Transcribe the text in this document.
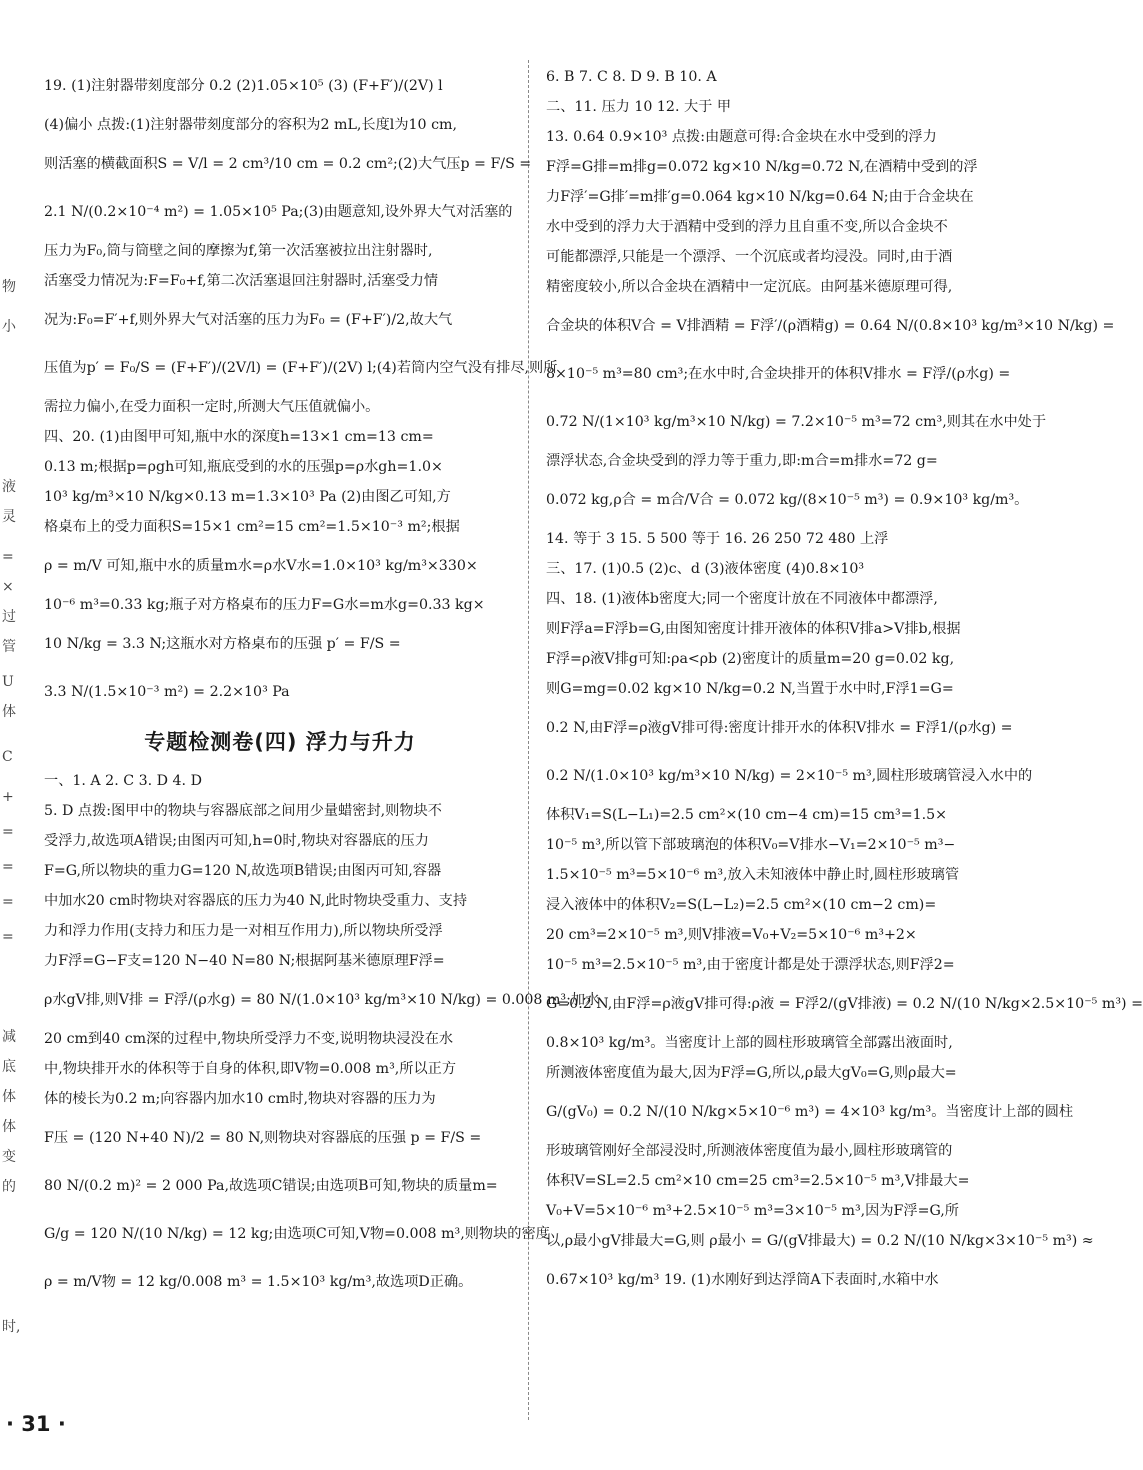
物
小
液
灵
=
×
过
管
U
体
C
+
=
=
=
=
减
底
体
体
变
的
时,

19. (1)注射器带刻度部分 0.2 (2)1.05×10⁵ (3) (F+F′)/(2V) l

(4)偏小 点拨:(1)注射器带刻度部分的容积为2 mL,长度l为10 cm,

则活塞的横截面积S = V/l = 2 cm³/10 cm = 0.2 cm²;(2)大气压p = F/S =

2.1 N/(0.2×10⁻⁴ m²) = 1.05×10⁵ Pa;(3)由题意知,设外界大气对活塞的

压力为F₀,筒与筒壁之间的摩擦为f,第一次活塞被拉出注射器时,

活塞受力情况为:F=F₀+f,第二次活塞退回注射器时,活塞受力情

况为:F₀=F′+f,则外界大气对活塞的压力为F₀ = (F+F′)/2,故大气

压值为p′ = F₀/S = (F+F′)/(2V/l) = (F+F′)/(2V) l;(4)若筒内空气没有排尽,则所

需拉力偏小,在受力面积一定时,所测大气压值就偏小。

四、20. (1)由图甲可知,瓶中水的深度h=13×1 cm=13 cm=

0.13 m;根据p=ρgh可知,瓶底受到的水的压强p=ρ水gh=1.0×

10³ kg/m³×10 N/kg×0.13 m=1.3×10³ Pa (2)由图乙可知,方

格桌布上的受力面积S=15×1 cm²=15 cm²=1.5×10⁻³ m²;根据

ρ = m/V 可知,瓶中水的质量m水=ρ水V水=1.0×10³ kg/m³×330×

10⁻⁶ m³=0.33 kg;瓶子对方格桌布的压力F=G水=m水g=0.33 kg×

10 N/kg = 3.3 N;这瓶水对方格桌布的压强 p′ = F/S =

3.3 N/(1.5×10⁻³ m²) = 2.2×10³ Pa

专题检测卷(四) 浮力与升力

一、1. A 2. C 3. D 4. D

5. D 点拨:图甲中的物块与容器底部之间用少量蜡密封,则物块不

受浮力,故选项A错误;由图丙可知,h=0时,物块对容器底的压力

F=G,所以物块的重力G=120 N,故选项B错误;由图丙可知,容器

中加水20 cm时物块对容器底的压力为40 N,此时物块受重力、支持

力和浮力作用(支持力和压力是一对相互作用力),所以物块所受浮

力F浮=G−F支=120 N−40 N=80 N;根据阿基米德原理F浮=

ρ水gV排,则V排 = F浮/(ρ水g) = 80 N/(1.0×10³ kg/m³×10 N/kg) = 0.008 m³;加水

20 cm到40 cm深的过程中,物块所受浮力不变,说明物块浸没在水

中,物块排开水的体积等于自身的体积,即V物=0.008 m³,所以正方

体的棱长为0.2 m;向容器内加水10 cm时,物块对容器的压力为

F压 = (120 N+40 N)/2 = 80 N,则物块对容器底的压强 p = F/S =

80 N/(0.2 m)² = 2 000 Pa,故选项C错误;由选项B可知,物块的质量m=

G/g = 120 N/(10 N/kg) = 12 kg;由选项C可知,V物=0.008 m³,则物块的密度

ρ = m/V物 = 12 kg/0.008 m³ = 1.5×10³ kg/m³,故选项D正确。

6. B 7. C 8. D 9. B 10. A

二、11. 压力 10 12. 大于 甲

13. 0.64 0.9×10³ 点拨:由题意可得:合金块在水中受到的浮力

F浮=G排=m排g=0.072 kg×10 N/kg=0.72 N,在酒精中受到的浮

力F浮′=G排′=m排′g=0.064 kg×10 N/kg=0.64 N;由于合金块在

水中受到的浮力大于酒精中受到的浮力且自重不变,所以合金块不

可能都漂浮,只能是一个漂浮、一个沉底或者均浸没。同时,由于酒

精密度较小,所以合金块在酒精中一定沉底。由阿基米德原理可得,

合金块的体积V合 = V排酒精 = F浮′/(ρ酒精g) = 0.64 N/(0.8×10³ kg/m³×10 N/kg) =

8×10⁻⁵ m³=80 cm³;在水中时,合金块排开的体积V排水 = F浮/(ρ水g) =

0.72 N/(1×10³ kg/m³×10 N/kg) = 7.2×10⁻⁵ m³=72 cm³,则其在水中处于

漂浮状态,合金块受到的浮力等于重力,即:m合=m排水=72 g=

0.072 kg,ρ合 = m合/V合 = 0.072 kg/(8×10⁻⁵ m³) = 0.9×10³ kg/m³。

14. 等于 3 15. 5 500 等于 16. 26 250 72 480 上浮

三、17. (1)0.5 (2)c、d (3)液体密度 (4)0.8×10³

四、18. (1)液体b密度大;同一个密度计放在不同液体中都漂浮,

则F浮a=F浮b=G,由图知密度计排开液体的体积V排a>V排b,根据

F浮=ρ液V排g可知:ρa<ρb (2)密度计的质量m=20 g=0.02 kg,

则G=mg=0.02 kg×10 N/kg=0.2 N,当置于水中时,F浮1=G=

0.2 N,由F浮=ρ液gV排可得:密度计排开水的体积V排水 = F浮1/(ρ水g) =

0.2 N/(1.0×10³ kg/m³×10 N/kg) = 2×10⁻⁵ m³,圆柱形玻璃管浸入水中的

体积V₁=S(L−L₁)=2.5 cm²×(10 cm−4 cm)=15 cm³=1.5×

10⁻⁵ m³,所以管下部玻璃泡的体积V₀=V排水−V₁=2×10⁻⁵ m³−

1.5×10⁻⁵ m³=5×10⁻⁶ m³,放入未知液体中静止时,圆柱形玻璃管

浸入液体中的体积V₂=S(L−L₂)=2.5 cm²×(10 cm−2 cm)=

20 cm³=2×10⁻⁵ m³,则V排液=V₀+V₂=5×10⁻⁶ m³+2×

10⁻⁵ m³=2.5×10⁻⁵ m³,由于密度计都是处于漂浮状态,则F浮2=

G=0.2 N,由F浮=ρ液gV排可得:ρ液 = F浮2/(gV排液) = 0.2 N/(10 N/kg×2.5×10⁻⁵ m³) =

0.8×10³ kg/m³。当密度计上部的圆柱形玻璃管全部露出液面时,

所测液体密度值为最大,因为F浮=G,所以,ρ最大gV₀=G,则ρ最大=

G/(gV₀) = 0.2 N/(10 N/kg×5×10⁻⁶ m³) = 4×10³ kg/m³。当密度计上部的圆柱

形玻璃管刚好全部浸没时,所测液体密度值为最小,圆柱形玻璃管的

体积V=SL=2.5 cm²×10 cm=25 cm³=2.5×10⁻⁵ m³,V排最大=

V₀+V=5×10⁻⁶ m³+2.5×10⁻⁵ m³=3×10⁻⁵ m³,因为F浮=G,所

以,ρ最小gV排最大=G,则 ρ最小 = G/(gV排最大) = 0.2 N/(10 N/kg×3×10⁻⁵ m³) ≈

0.67×10³ kg/m³ 19. (1)水刚好到达浮筒A下表面时,水箱中水

· 31 ·
